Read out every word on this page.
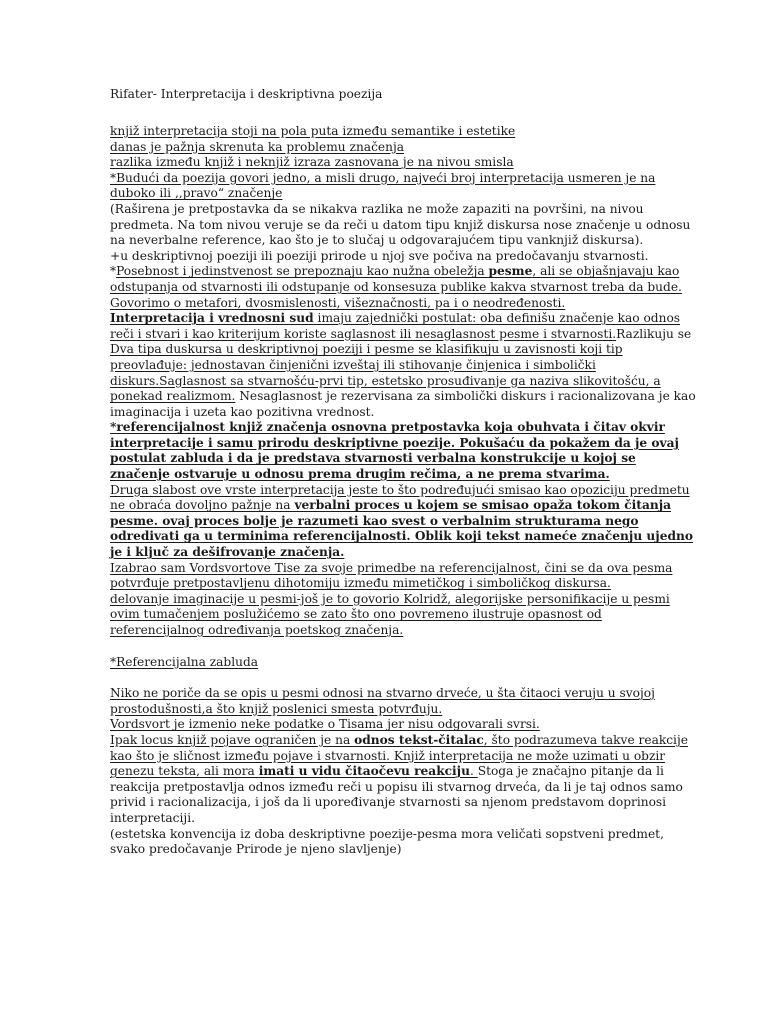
Rifater- Interpretacija i deskriptivna poezija

knjiž interpretacija stoji na pola puta između semantike i estetike

danas je pažnja skrenuta ka problemu značenja

razlika između knjiž i neknjiž izraza zasnovana je na nivou smisla

*Budući da poezija govori jedno, a misli drugo, najveći broj interpretacija usmeren je na duboko ili ,,pravo“ značenje

(Raširena je pretpostavka da se nikakva razlika ne može zapaziti na površini, na nivou predmeta. Na tom nivou veruje se da reči u datom tipu knjiž diskursa nose značenje u odnosu na neverbalne reference, kao što je to slučaj u odgovarajućem tipu vanknjiž diskursa).

+u deskriptivnoj poeziji ili poeziji prirode u njoj sve počiva na predočavanju stvarnosti.

*Posebnost i jedinstvenost se prepoznaju kao nužna obeležja pesme, ali se objašnjavaju kao odstupanja od stvarnosti ili odstupanje od konsesuza publike kakva stvarnost treba da bude. Govorimo o metafori, dvosmislenosti, višeznačnosti, pa i o neodređenosti.

Interpretacija i vrednosni sud imaju zajednički postulat: oba definišu značenje kao odnos reči i stvari i kao kriterijum koriste saglasnost ili nesaglasnost pesme i stvarnosti.Razlikuju se Dva tipa duskursa u deskriptivnoj poeziji i pesme se klasifikuju u zavisnosti koji tip preovlađuje: jednostavan činjenični izveštaj ili stihovanje činjenica i simbolički diskurs.Saglasnost sa stvarnošću-prvi tip, estetsko prosuđivanje ga naziva slikovitošću, a ponekad realizmom. Nesaglasnost je rezervisana za simbolički diskurs i racionalizovana je kao imaginacija i uzeta kao pozitivna vrednost.

*referencijalnost knjiž značenja osnovna pretpostavka koja obuhvata i čitav okvir interpretacije i samu prirodu deskriptivne poezije. Pokušaću da pokažem da je ovaj postulat zabluda i da je predstava stvarnosti verbalna konstrukcije u kojoj se značenje ostvaruje u odnosu prema drugim rečima, a ne prema stvarima.

Druga slabost ove vrste interpretacija jeste to što podređujući smisao kao opoziciju predmetu ne obraća dovoljno pažnje na verbalni proces u kojem se smisao opaža tokom čitanja pesme. ovaj proces bolje je razumeti kao svest o verbalnim strukturama nego odredivati ga u terminima referencijalnosti. Oblik koji tekst nameće značenju ujedno je i ključ za dešifrovanje značenja.

Izabrao sam Vordsvortove Tise za svoje primedbe na referencijalnost, čini se da ova pesma potvrđuje pretpostavljenu dihotomiju između mimetičkog i simboličkog diskursa.

delovanje imaginacije u pesmi-još je to govorio Kolridž, alegorijske personifikacije u pesmi ovim tumačenjem poslužićemo se zato što ono povremeno ilustruje opasnost od referencijalnog određivanja poetskog značenja.

*Referencijalna zabluda

Niko ne poriče da se opis u pesmi odnosi na stvarno drveće, u šta čitaoci veruju u svojoj prostodušnosti,a što knjiž poslenici smesta potvrđuju.

Vordsvort je izmenio neke podatke o Tisama jer nisu odgovarali svrsi.

Ipak locus knjiž pojave ograničen je na odnos tekst-čitalac, što podrazumeva takve reakcije kao što je sličnost između pojave i stvarnosti. Knjiž interpretacija ne može uzimati u obzir genezu teksta, ali mora imati u vidu čitaočevu reakciju. Stoga je značajno pitanje da li reakcija pretpostavlja odnos između reči u popisu ili stvarnog drveća, da li je taj odnos samo privid i racionalizacija, i još da li upoređivanje stvarnosti sa njenom predstavom doprinosi interpretaciji.

(estetska konvencija iz doba deskriptivne poezije-pesma mora veličati sopstveni predmet, svako predočavanje Prirode je njeno slavljenje)
